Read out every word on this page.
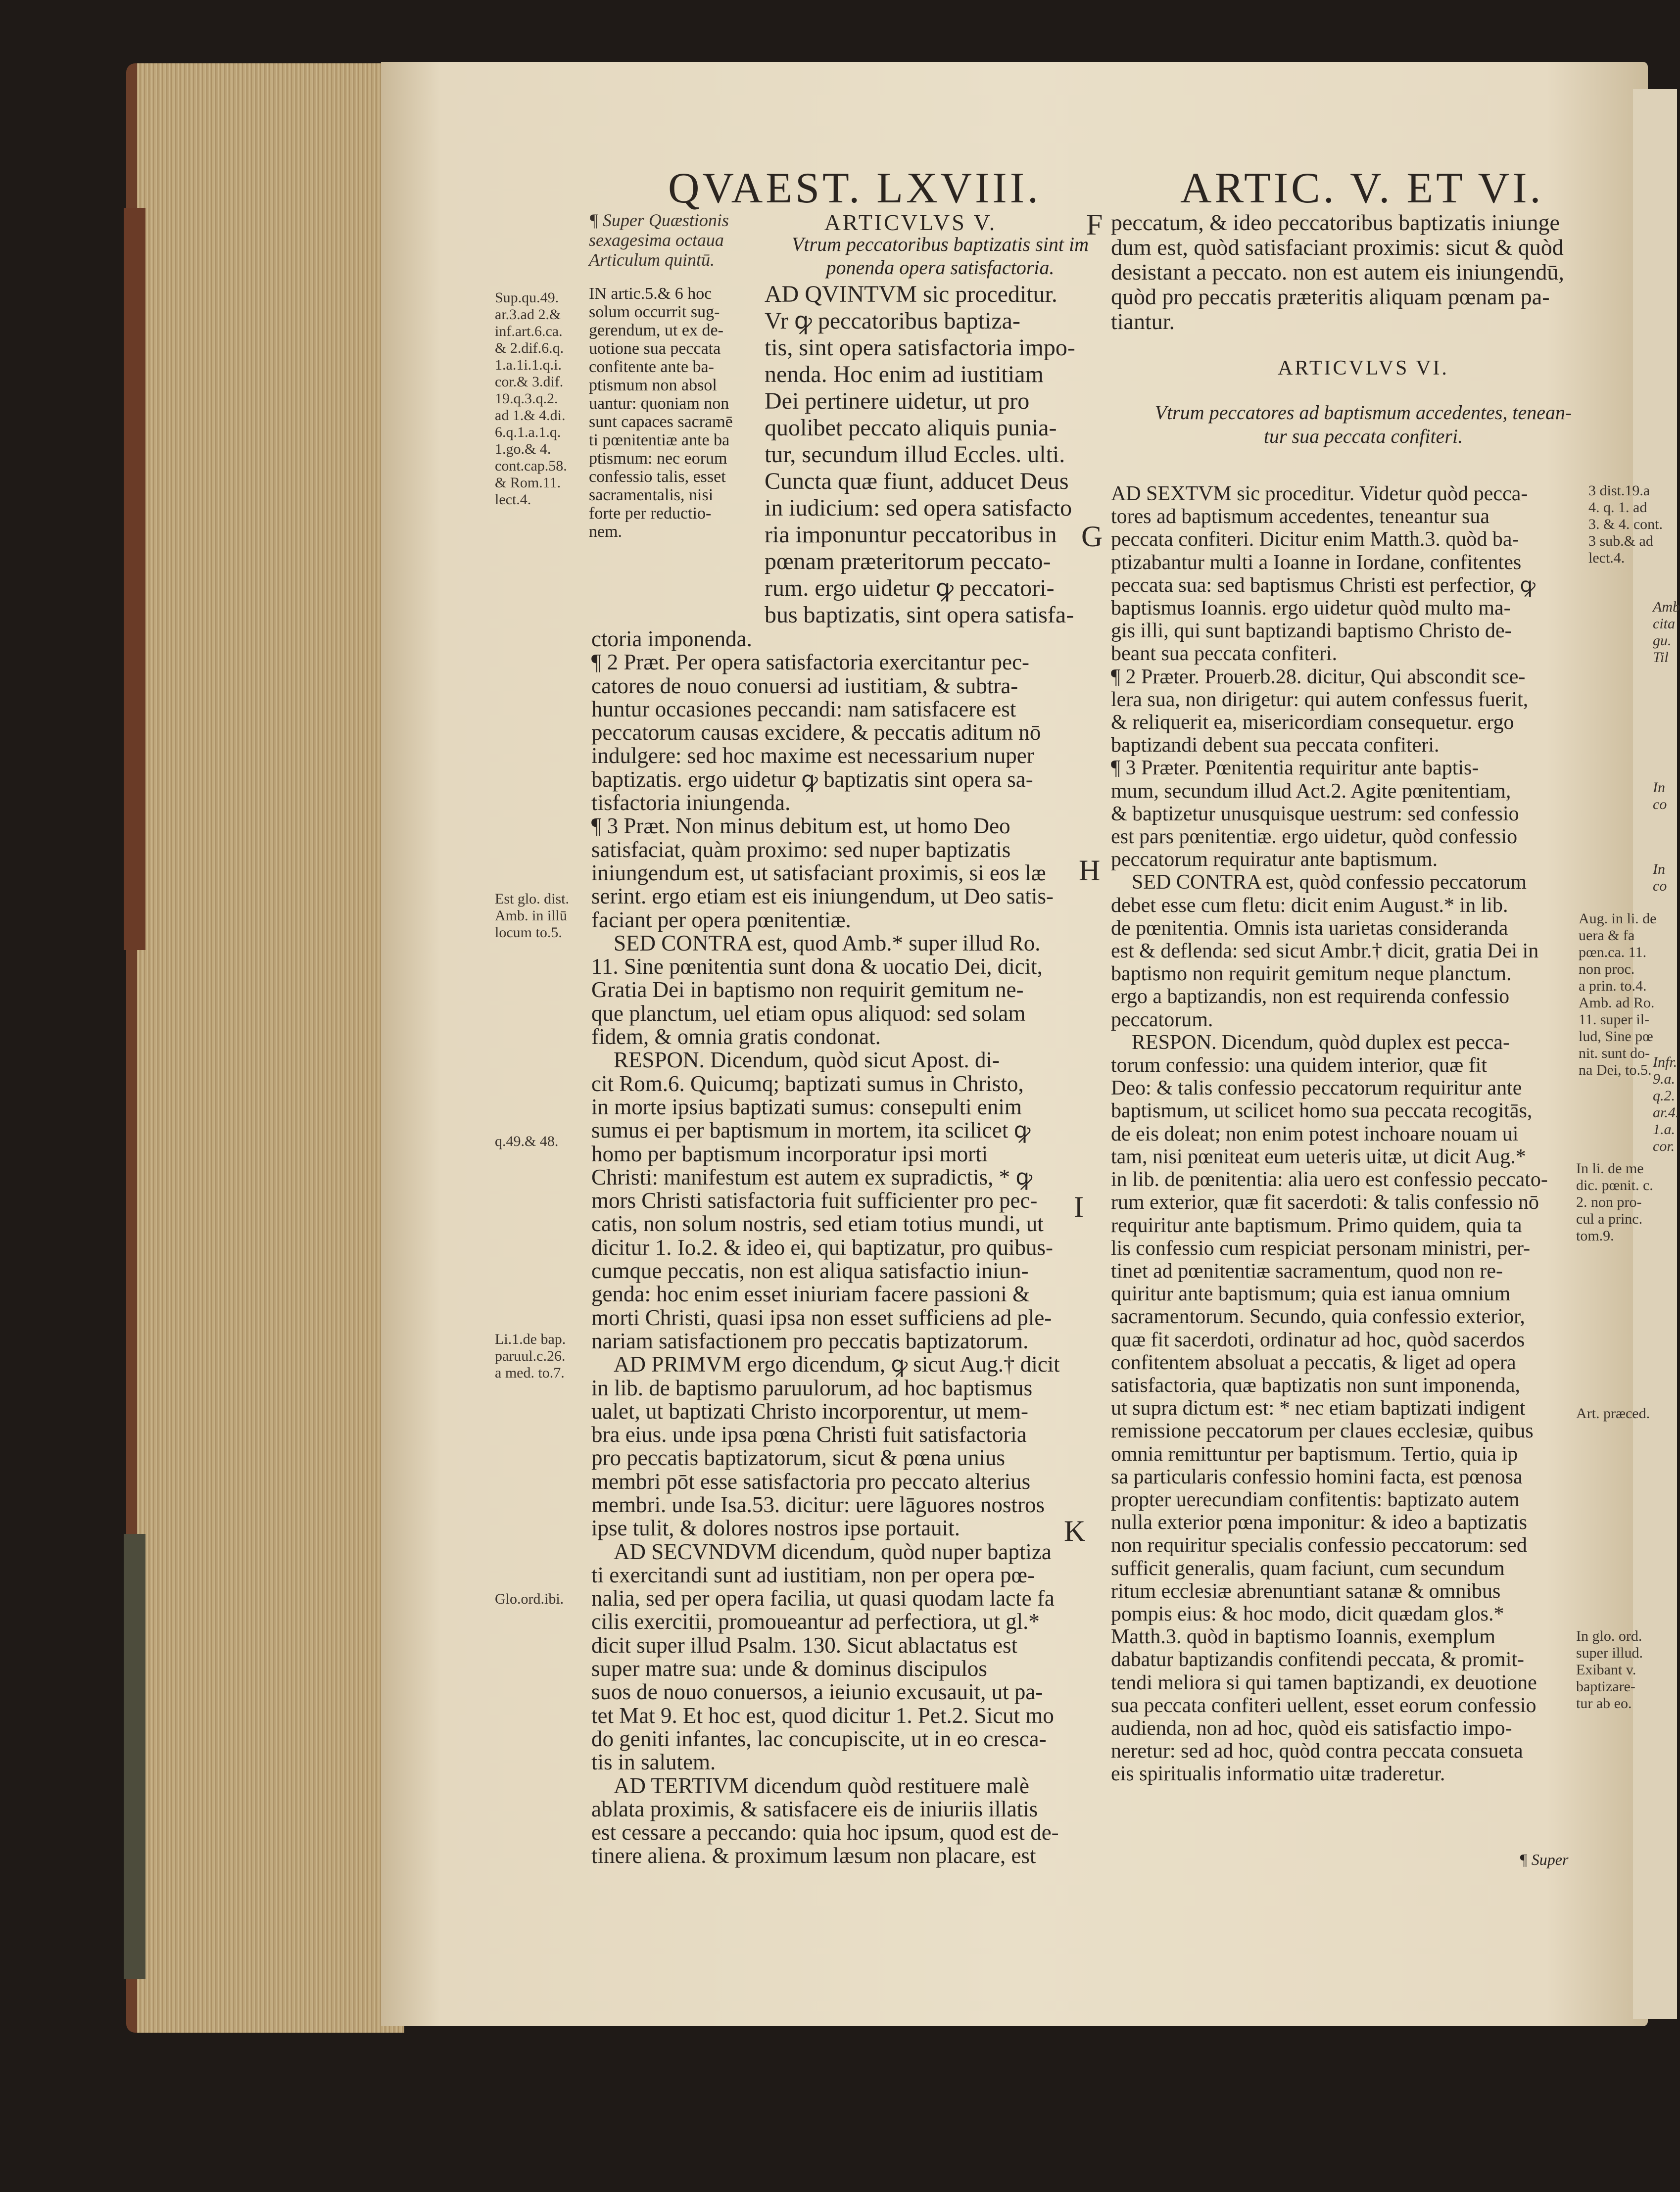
QVAEST. LXVIII.	ARTIC. V. ET VI.
¶ Super Quæstionis
sexagesima octaua
Articulum quintū.
Sup.qu.49.
ar.3.ad 2.&
inf.art.6.ca.
& 2.dif.6.q.
1.a.1i.1.q.i.
cor.& 3.dif.
19.q.3.q.2.
ad 1.& 4.di.
6.q.1.a.1.q.
1.go.& 4.
cont.cap.58.
& Rom.11.
lect.4.
Est glo. dist.
Amb. in illū
locum to.5.
q.49.& 48.
Li.1.de bap.
paruul.c.26.
a med. to.7.
Glo.ord.ibi.
IN artic.5.& 6 hoc
solum occurrit sug-
gerendum, ut ex de-
uotione sua peccata
confitente ante ba-
ptismum non absol
uantur: quoniam non
sunt capaces sacramē
ti pœnitentiæ ante ba
ptismum: nec eorum
confessio talis, esset
sacramentalis, nisi
forte per reductio-
nem.
ARTICVLVS V.
Vtrum peccatoribus baptizatis sint im
ponenda opera satisfactoria.
AD QVINTVM sic proceditur.
Vr ꝙ peccatoribus baptiza-
tis, sint opera satisfactoria impo-
nenda. Hoc enim ad iustitiam
Dei pertinere uidetur, ut pro
quolibet peccato aliquis punia-
tur, secundum illud Eccles. ulti.
Cuncta quæ fiunt, adducet Deus
in iudicium: sed opera satisfacto
ria imponuntur peccatoribus in
pœnam præteritorum peccato-
rum. ergo uidetur ꝙ peccatori-
bus baptizatis, sint opera satisfa-
ctoria imponenda.
¶ 2 Præt. Per opera satisfactoria exercitantur pec-
catores de nouo conuersi ad iustitiam, & subtra-
huntur occasiones peccandi: nam satisfacere est
peccatorum causas excidere, & peccatis aditum nō
indulgere: sed hoc maxime est necessarium nuper
baptizatis. ergo uidetur ꝙ baptizatis sint opera sa-
tisfactoria iniungenda.
¶ 3 Præt. Non minus debitum est, ut homo Deo
satisfaciat, quàm proximo: sed nuper baptizatis
iniungendum est, ut satisfaciant proximis, si eos læ
serint. ergo etiam est eis iniungendum, ut Deo satis-
faciant per opera pœnitentiæ.
SED CONTRA est, quod Amb.* super illud Ro.
11. Sine pœnitentia sunt dona & uocatio Dei, dicit,
Gratia Dei in baptismo non requirit gemitum ne-
que planctum, uel etiam opus aliquod: sed solam
fidem, & omnia gratis condonat.
RESPON. Dicendum, quòd sicut Apost. di-
cit Rom.6. Quicumq; baptizati sumus in Christo,
in morte ipsius baptizati sumus: consepulti enim
sumus ei per baptismum in mortem, ita scilicet ꝙ
homo per baptismum incorporatur ipsi morti
Christi: manifestum est autem ex supradictis, * ꝙ
mors Christi satisfactoria fuit sufficienter pro pec-
catis, non solum nostris, sed etiam totius mundi, ut
dicitur 1. Io.2. & ideo ei, qui baptizatur, pro quibus-
cumque peccatis, non est aliqua satisfactio iniun-
genda: hoc enim esset iniuriam facere passioni &
morti Christi, quasi ipsa non esset sufficiens ad ple-
nariam satisfactionem pro peccatis baptizatorum.
AD PRIMVM ergo dicendum, ꝙ sicut Aug.† dicit
in lib. de baptismo paruulorum, ad hoc baptismus
ualet, ut baptizati Christo incorporentur, ut mem-
bra eius. unde ipsa pœna Christi fuit satisfactoria
pro peccatis baptizatorum, sicut & pœna unius
membri pōt esse satisfactoria pro peccato alterius
membri. unde Isa.53. dicitur: uere lāguores nostros
ipse tulit, & dolores nostros ipse portauit.
AD SECVNDVM dicendum, quòd nuper baptiza
ti exercitandi sunt ad iustitiam, non per opera pœ-
nalia, sed per opera facilia, ut quasi quodam lacte fa
cilis exercitii, promoueantur ad perfectiora, ut gl.*
dicit super illud Psalm. 130. Sicut ablactatus est
super matre sua: unde & dominus discipulos
suos de nouo conuersos, a ieiunio excusauit, ut pa-
tet Mat 9. Et hoc est, quod dicitur 1. Pet.2. Sicut mo
do geniti infantes, lac concupiscite, ut in eo cresca-
tis in salutem.
AD TERTIVM dicendum quòd restituere malè
ablata proximis, & satisfacere eis de iniuriis illatis
est cessare a peccando: quia hoc ipsum, quod est de-
tinere aliena. & proximum læsum non placare, est
peccatum, & ideo peccatoribus baptizatis iniunge
dum est, quòd satisfaciant proximis: sicut & quòd
desistant a peccato. non est autem eis iniungendū,
quòd pro peccatis præteritis aliquam pœnam pa-
tiantur.
ARTICVLVS VI.
Vtrum peccatores ad baptismum accedentes, tenean-
tur sua peccata confiteri.
AD SEXTVM sic proceditur. Videtur quòd pecca-
tores ad baptismum accedentes, teneantur sua
peccata confiteri. Dicitur enim Matth.3. quòd ba-
ptizabantur multi a Ioanne in Iordane, confitentes
peccata sua: sed baptismus Christi est perfectior, ꝙ
baptismus Ioannis. ergo uidetur quòd multo ma-
gis illi, qui sunt baptizandi baptismo Christo de-
beant sua peccata confiteri.
¶ 2 Præter. Prouerb.28. dicitur, Qui abscondit sce-
lera sua, non dirigetur: qui autem confessus fuerit,
& reliquerit ea, misericordiam consequetur. ergo
baptizandi debent sua peccata confiteri.
¶ 3 Præter. Pœnitentia requiritur ante baptis-
mum, secundum illud Act.2. Agite pœnitentiam,
& baptizetur unusquisque uestrum: sed confessio
est pars pœnitentiæ. ergo uidetur, quòd confessio
peccatorum requiratur ante baptismum.
SED CONTRA est, quòd confessio peccatorum
debet esse cum fletu: dicit enim August.* in lib.
de pœnitentia. Omnis ista uarietas consideranda
est & deflenda: sed sicut Ambr.† dicit, gratia Dei in
baptismo non requirit gemitum neque planctum.
ergo a baptizandis, non est requirenda confessio
peccatorum.
RESPON. Dicendum, quòd duplex est pecca-
torum confessio: una quidem interior, quæ fit
Deo: & talis confessio peccatorum requiritur ante
baptismum, ut scilicet homo sua peccata recogitās,
de eis doleat; non enim potest inchoare nouam ui
tam, nisi pœniteat eum ueteris uitæ, ut dicit Aug.*
in lib. de pœnitentia: alia uero est confessio peccato-
rum exterior, quæ fit sacerdoti: & talis confessio nō
requiritur ante baptismum. Primo quidem, quia ta
lis confessio cum respiciat personam ministri, per-
tinet ad pœnitentiæ sacramentum, quod non re-
quiritur ante baptismum; quia est ianua omnium
sacramentorum. Secundo, quia confessio exterior,
quæ fit sacerdoti, ordinatur ad hoc, quòd sacerdos
confitentem absoluat a peccatis, & liget ad opera
satisfactoria, quæ baptizatis non sunt imponenda,
ut supra dictum est: * nec etiam baptizati indigent
remissione peccatorum per claues ecclesiæ, quibus
omnia remittuntur per baptismum. Tertio, quia ip
sa particularis confessio homini facta, est pœnosa
propter uerecundiam confitentis: baptizato autem
nulla exterior pœna imponitur: & ideo a baptizatis
non requiritur specialis confessio peccatorum: sed
sufficit generalis, quam faciunt, cum secundum
ritum ecclesiæ abrenuntiant satanæ & omnibus
pompis eius: & hoc modo, dicit quædam glos.*
Matth.3. quòd in baptismo Ioannis, exemplum
dabatur baptizandis confitendi peccata, & promit-
tendi meliora si qui tamen baptizandi, ex deuotione
sua peccata confiteri uellent, esset eorum confessio
audienda, non ad hoc, quòd eis satisfactio impo-
neretur: sed ad hoc, quòd contra peccata consueta
eis spiritualis informatio uitæ traderetur.
¶ Super
3 dist.19.a
4. q. 1. ad
3. & 4. cont.
3 sub.& ad
lect.4.
Aug. in li. de
uera & fa
pœn.ca. 11.
non proc.
a prin. to.4.
Amb. ad Ro.
11. super il-
lud, Sine pœ
nit. sunt do-
na Dei, to.5.
In li. de me
dic. pœnit. c.
2. non pro-
cul a princ.
tom.9.
Art. præced.
In glo. ord.
super illud.
Exibant v.
baptizare-
tur ab eo.
F
G
H
I
K
Amb cita gu. Til
In co
In co
Infr. 9.a. q.2. ar.4. 1.a. cor.
